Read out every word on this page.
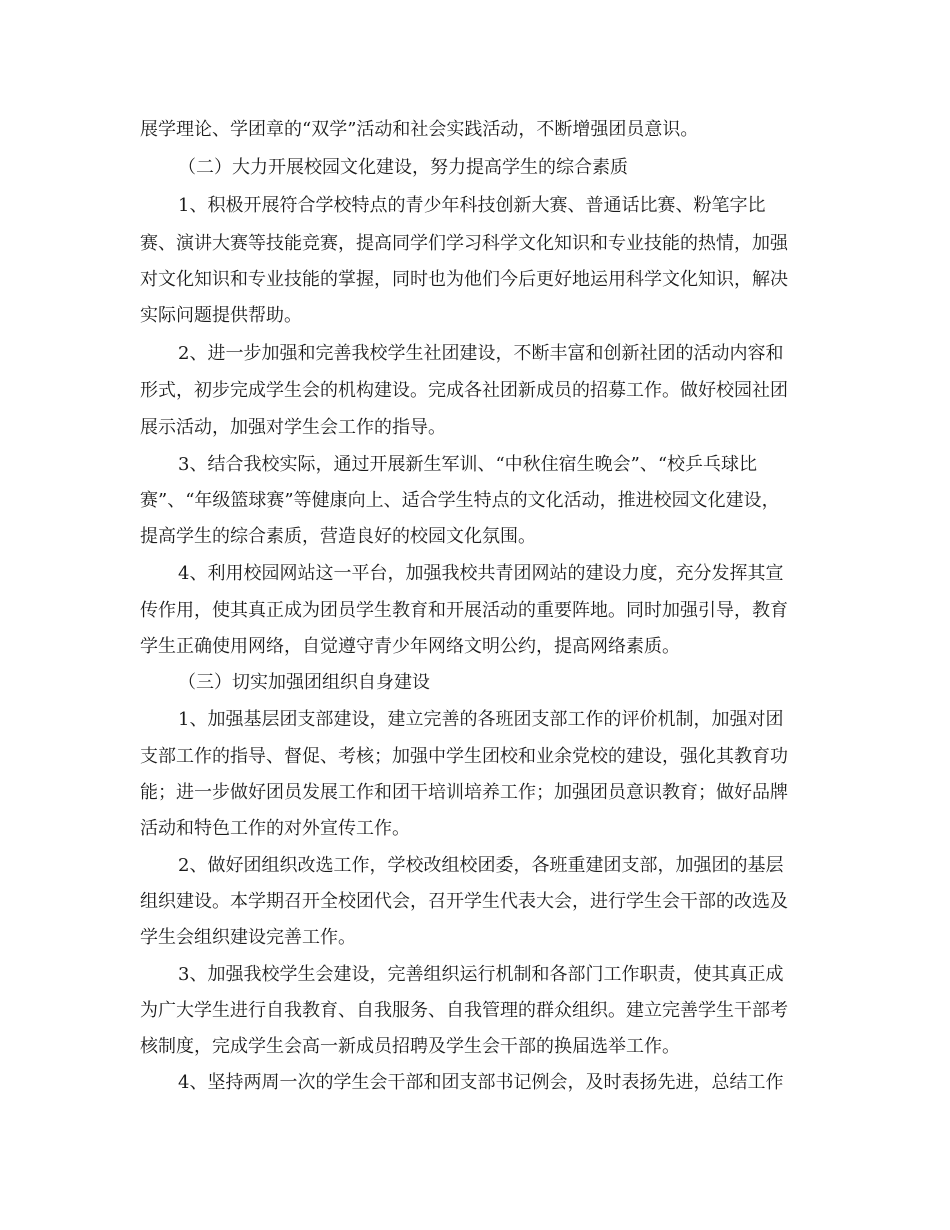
展学理论、学团章的“双学”活动和社会实践活动，不断增强团员意识。

（二）大力开展校园文化建设，努力提高学生的综合素质

1、积极开展符合学校特点的青少年科技创新大赛、普通话比赛、粉笔字比

赛、演讲大赛等技能竞赛，提高同学们学习科学文化知识和专业技能的热情，加强

对文化知识和专业技能的掌握，同时也为他们今后更好地运用科学文化知识，解决

实际问题提供帮助。

2、进一步加强和完善我校学生社团建设，不断丰富和创新社团的活动内容和

形式，初步完成学生会的机构建设。完成各社团新成员的招募工作。做好校园社团

展示活动，加强对学生会工作的指导。

3、结合我校实际，通过开展新生军训、“中秋住宿生晚会”、“校乒乓球比

赛”、“年级篮球赛”等健康向上、适合学生特点的文化活动，推进校园文化建设，

提高学生的综合素质，营造良好的校园文化氛围。

4、利用校园网站这一平台，加强我校共青团网站的建设力度，充分发挥其宣

传作用，使其真正成为团员学生教育和开展活动的重要阵地。同时加强引导，教育

学生正确使用网络，自觉遵守青少年网络文明公约，提高网络素质。

（三）切实加强团组织自身建设

1、加强基层团支部建设，建立完善的各班团支部工作的评价机制，加强对团

支部工作的指导、督促、考核；加强中学生团校和业余党校的建设，强化其教育功

能；进一步做好团员发展工作和团干培训培养工作；加强团员意识教育；做好品牌

活动和特色工作的对外宣传工作。

2、做好团组织改选工作，学校改组校团委，各班重建团支部，加强团的基层

组织建设。本学期召开全校团代会，召开学生代表大会，进行学生会干部的改选及

学生会组织建设完善工作。

3、加强我校学生会建设，完善组织运行机制和各部门工作职责，使其真正成

为广大学生进行自我教育、自我服务、自我管理的群众组织。建立完善学生干部考

核制度，完成学生会高一新成员招聘及学生会干部的换届选举工作。

4、坚持两周一次的学生会干部和团支部书记例会，及时表扬先进，总结工作
